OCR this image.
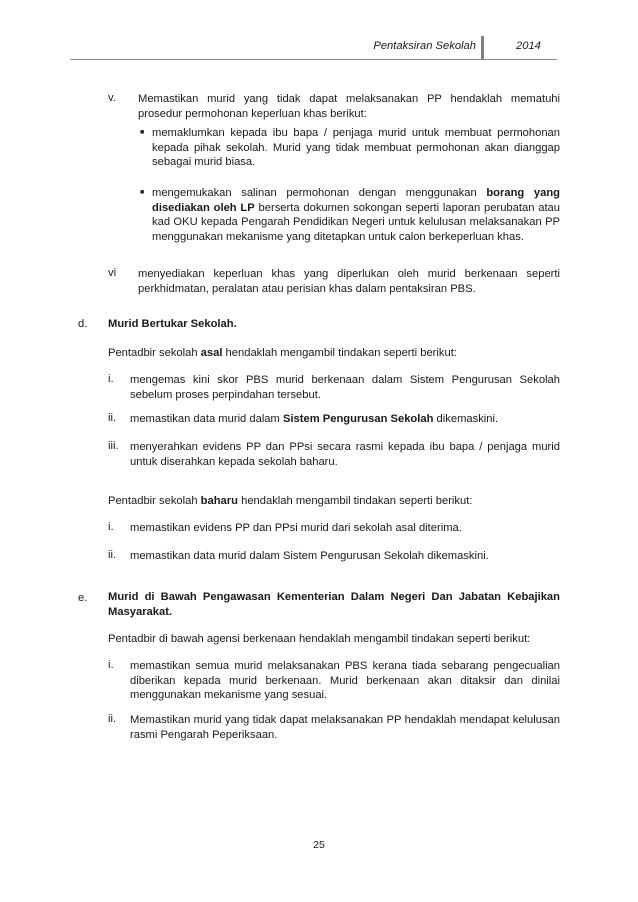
Pentaksiran Sekolah	2014
v. Memastikan murid yang tidak dapat melaksanakan PP hendaklah mematuhi prosedur permohonan keperluan khas berikut:

■ memaklumkan kepada ibu bapa / penjaga murid untuk membuat permohonan kepada pihak sekolah. Murid yang tidak membuat permohonan akan dianggap sebagai murid biasa.

■ mengemukakan salinan permohonan dengan menggunakan borang yang disediakan oleh LP berserta dokumen sokongan seperti laporan perubatan atau kad OKU kepada Pengarah Pendidikan Negeri untuk kelulusan melaksanakan PP menggunakan mekanisme yang ditetapkan untuk calon berkeperluan khas.

vi menyediakan keperluan khas yang diperlukan oleh murid berkenaan seperti perkhidmatan, peralatan atau perisian khas dalam pentaksiran PBS.

d. Murid Bertukar Sekolah.

Pentadbir sekolah asal hendaklah mengambil tindakan seperti berikut:

i. mengemas kini skor PBS murid berkenaan dalam Sistem Pengurusan Sekolah sebelum proses perpindahan tersebut.

ii. memastikan data murid dalam Sistem Pengurusan Sekolah dikemaskini.

iii. menyerahkan evidens PP dan PPsi secara rasmi kepada ibu bapa / penjaga murid untuk diserahkan kepada sekolah baharu.

Pentadbir sekolah baharu hendaklah mengambil tindakan seperti berikut:

i. memastikan evidens PP dan PPsi murid dari sekolah asal diterima.

ii. memastikan data murid dalam Sistem Pengurusan Sekolah dikemaskini.

e. Murid di Bawah Pengawasan Kementerian Dalam Negeri Dan Jabatan Kebajikan Masyarakat.

Pentadbir di bawah agensi berkenaan hendaklah mengambil tindakan seperti berikut:

i. memastikan semua murid melaksanakan PBS kerana tiada sebarang pengecualian diberikan kepada murid berkenaan. Murid berkenaan akan ditaksir dan dinilai menggunakan mekanisme yang sesuai.

ii. Memastikan murid yang tidak dapat melaksanakan PP hendaklah mendapat kelulusan rasmi Pengarah Peperiksaan.

25
